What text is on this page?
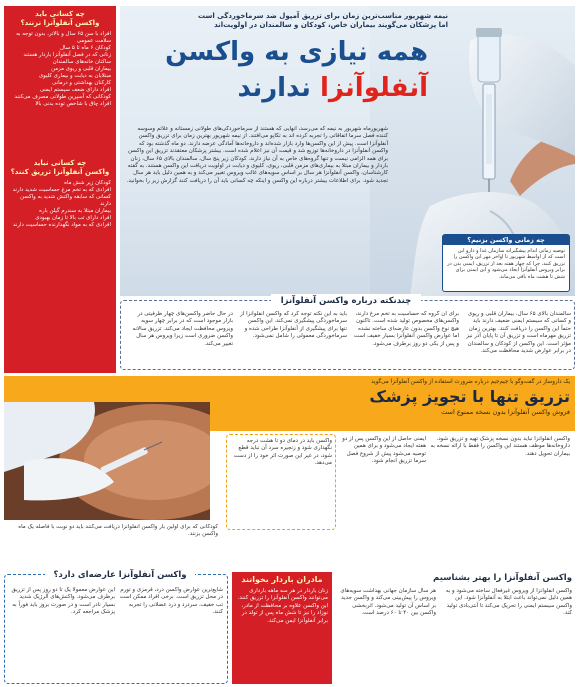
نیمه شهریور مناسب‌ترین زمان برای تزریق آمپول ضد سرماخوردگی است
اما پزشکان می‌گویند بیماران خاص، کودکان و سالمندان در اولویت‌اند
همه نیازی به واکسن
آنفلوآنزا ندارند
شهریورماه شهریور به نیمه که می‌رسد، آنهایی که هستند از سرماخوردگی‌های طولانی زمستانه و علائم وسوسه کننده فصل سرما اتفاقاتی را تجربه کرده اند به تکاپو می‌افتند. از نیمه شهریور بهترین زمان برای تزریق واکسن آنفلوآنزا است. پیش از این واکسن‌ها وارد بازار شده‌اند و داروخانه‌ها آمادگی عرضه دارند. دو ماه گذشته بود که واکسن آنفلوآنزا در داروخانه‌ها توزیع شد و قیمت آن نیز اعلام شده است. بیشتر پزشکان معتقدند تزریق این واکسن برای همه الزامی نیست و تنها گروه‌های خاص به آن نیاز دارند. کودکان زیر پنج سال، سالمندان بالای ۶۵ سال، زنان باردار و بیماران مبتلا به بیماری‌های مزمن قلبی، ریوی، کلیوی و دیابت در اولویت دریافت این واکسن هستند. به گفته کارشناسان، واکسن آنفلوآنزا هر سال بر اساس سویه‌های غالب ویروس تغییر می‌کند و به همین دلیل باید هر سال تجدید شود. برای اطلاعات بیشتر درباره این واکسن و اینکه چه کسانی باید آن را دریافت کنند گزارش زیر را بخوانید.
چه زمانی واکسن بزنیم؟
توصیه زمانی اندام پیشگیرانه سازمان غذا و دارو این است که از اواسط شهریور تا اواخر مهر این واکسن را تزریق کنند، چرا که چهار هفته بعد از تزریق، ایمنی بدن در برابر ویروس آنفلوآنزا ایجاد می‌شود و این ایمنی برای شش تا هشت ماه باقی می‌ماند.
چه کسانی باید
واکسن آنفلوآنزا نزنند؟
افراد با سن ۶۵ سال و بالاتر، بدون توجه به سلامت عمومی
کودکان ۶ ماه تا ۵ سال
زنانی که در فصل آنفلوآنزا باردار هستند
ساکنان خانه‌های سالمندان
بیماران قلبی و ریوی مزمن
مبتلایان به دیابت و بیماری کلیوی
کارکنان بهداشتی و درمانی
افراد دارای ضعف سیستم ایمنی
کودکانی که آسپرین طولانی مصرف می‌کنند
افراد چاق با شاخص توده بدنی بالا
چه کسانی نباید
واکسن آنفلوآنزا تزریق کنند؟
کودکان زیر شش ماه
افرادی که به تخم مرغ حساسیت شدید دارند
کسانی که سابقه واکنش شدید به واکسن دارند
بیماران مبتلا به سندرم گیلن باره
افراد دارای تب بالا تا زمان بهبودی
افرادی که به مواد نگهدارنده حساسیت دارند
چندنکته درباره واکسن آنفلوآنزا
سالمندان بالای ۶۵ سال، بیماران قلبی و ریوی و کسانی که سیستم ایمنی ضعیف دارند باید حتماً این واکسن را دریافت کنند. بهترین زمان تزریق مهرماه است و تزریق آن تا پایان آذر نیز مؤثر است. این واکسن از کودکان و سالمندان در برابر عوارض شدید محافظت می‌کند.
برای آن گروه که حساسیت به تخم مرغ دارند، واکسن‌های مخصوص تولید شده است. تاکنون هیچ نوع واکسن بدون عارضه‌ای ساخته نشده اما عوارض واکسن آنفلوآنزا بسیار خفیف است و پس از یکی دو روز برطرف می‌شود.
باید به این نکته توجه کرد که واکسن آنفلوآنزا از سرماخوردگی پیشگیری نمی‌کند. این واکسن تنها برای پیشگیری از آنفلوآنزا طراحی شده و سرماخوردگی معمولی را شامل نمی‌شود.
در حال حاضر واکسن‌های چهار ظرفیتی در بازار موجود است که در برابر چهار سویه ویروس محافظت ایجاد می‌کند. تزریق سالانه واکسن ضروری است زیرا ویروس هر سال تغییر می‌کند.
یک داروساز در گفت‌وگو با جیم‌جیم درباره ضرورت استفاده از واکسن آنفلوآنزا می‌گوید
تزریق تنها با تجویز پزشک
فروش واکسن آنفلوآنزا بدون نسخه ممنوع است
واکسن آنفلوآنزا نباید بدون نسخه پزشک تهیه و تزریق شود. داروخانه‌ها موظف هستند این واکسن را فقط با ارائه نسخه به بیماران تحویل دهند.
ایمنی حاصل از این واکسن پس از دو هفته ایجاد می‌شود و برای همین توصیه می‌شود پیش از شروع فصل سرما تزریق انجام شود.
واکسن باید در دمای دو تا هشت درجه نگهداری شود و زنجیره سرد آن نباید قطع شود، در غیر این صورت اثر خود را از دست می‌دهد.
کودکانی که برای اولین بار واکسن آنفلوآنزا دریافت می‌کنند باید دو نوبت با فاصله یک ماه واکسن بزنند.
واکسن آنفلوآنزا را بهتر بشناسیم
واکسن آنفلوآنزا از ویروس غیرفعال ساخته می‌شود و به همین دلیل نمی‌تواند باعث ابتلا به آنفلوآنزا شود. این واکسن سیستم ایمنی را تحریک می‌کند تا آنتی‌بادی تولید کند.
هر سال سازمان جهانی بهداشت سویه‌های ویروس را پیش‌بینی می‌کند و واکسن جدید بر اساس آن تولید می‌شود. اثربخشی واکسن بین ۴۰ تا ۶۰ درصد است.
مادران باردار بخوانند
زنان باردار در هر سه ماهه بارداری می‌توانند واکسن آنفلوآنزا را تزریق کنند. این واکسن علاوه بر محافظت از مادر، نوزاد را نیز تا شش ماه پس از تولد در برابر آنفلوآنزا ایمن می‌کند.
واکسن آنفلوآنزا عارضه‌ای دارد؟
شایع‌ترین عوارض واکسن درد، قرمزی و تورم در محل تزریق است. برخی افراد ممکن است تب خفیف، سردرد و درد عضلانی را تجربه کنند.
این عوارض معمولاً یک تا دو روز پس از تزریق برطرف می‌شود. واکنش‌های آلرژیک شدید بسیار نادر است و در صورت بروز باید فوراً به پزشک مراجعه کرد.
